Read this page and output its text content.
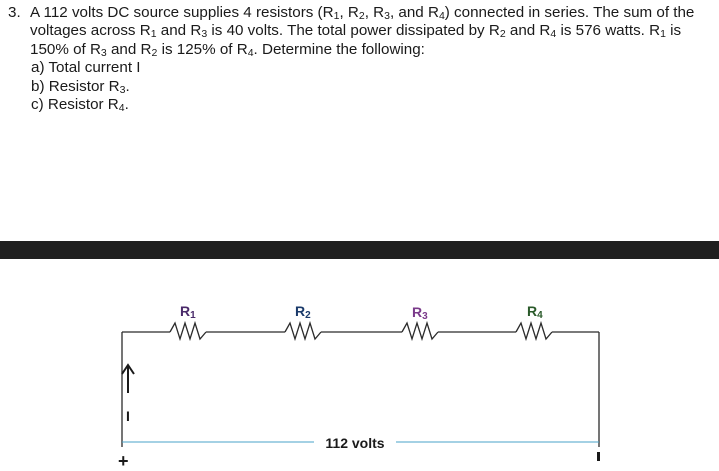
3. A 112 volts DC source supplies 4 resistors ($R_1$, $R_2$, $R_3$, and $R_4$) connected in series. The sum of the voltages across $R_1$ and $R_3$ is 40 volts. The total power dissipated by $R_2$ and $R_4$ is 576 watts. $R_1$ is 150% of $R_3$ and $R_2$ is 125% of $R_4$. Determine the following:
a) Total current I
b) Resistor $R_3$.
c) Resistor $R_4$.
R1	R2	R3	R4
112 volts
I
+
